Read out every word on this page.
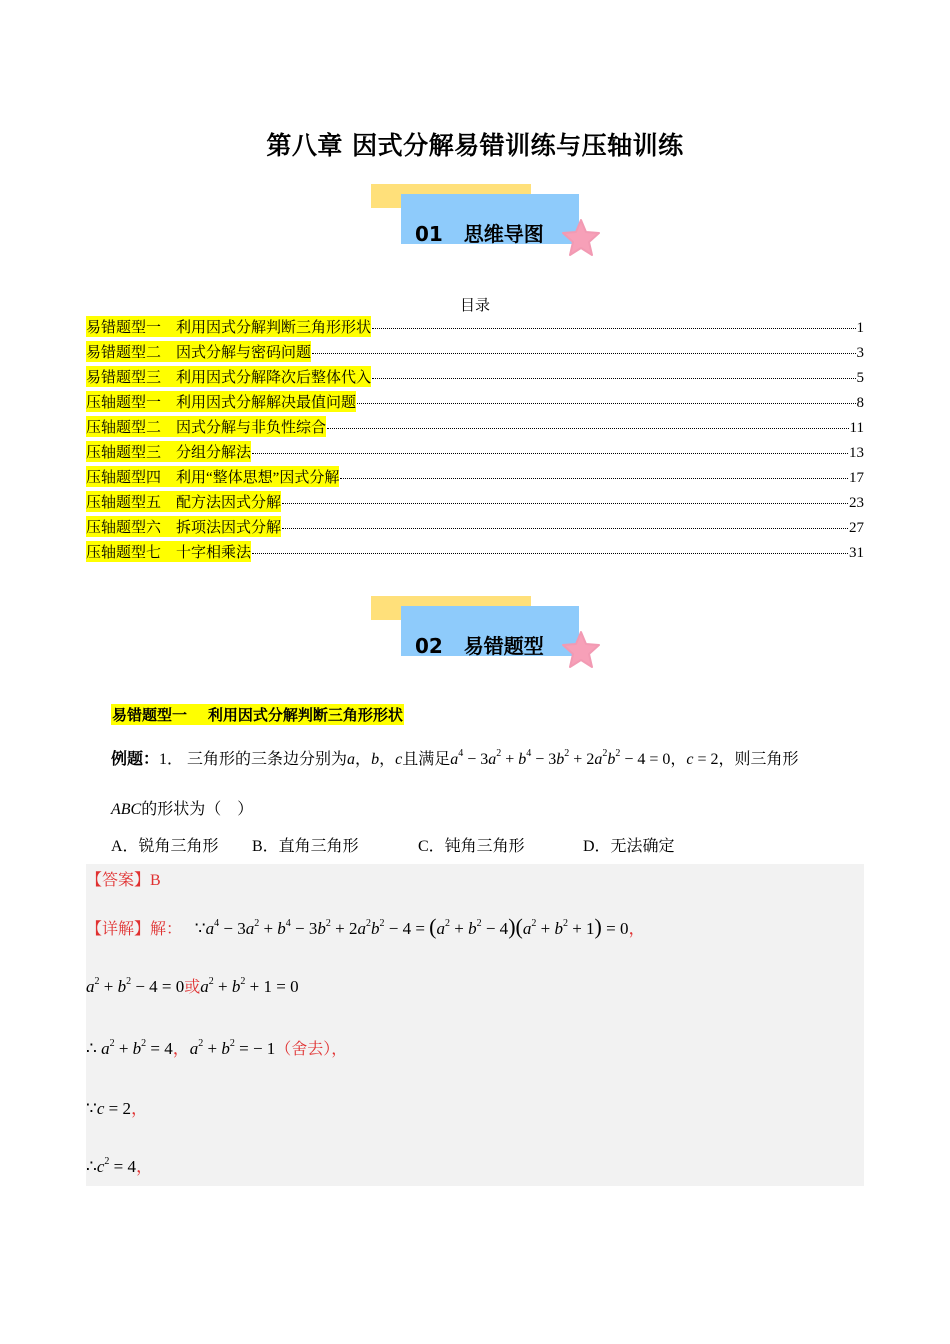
第八章 因式分解易错训练与压轴训练
01 思维导图
目录
易错题型一    利用因式分解判断三角形形状	1
易错题型二    因式分解与密码问题	3
易错题型三    利用因式分解降次后整体代入	5
压轴题型一    利用因式分解解决最值问题	8
压轴题型二    因式分解与非负性综合	11
压轴题型三    分组分解法	13
压轴题型四    利用“整体思想”因式分解	17
压轴题型五    配方法因式分解	23
压轴题型六    拆项法因式分解	27
压轴题型七    十字相乘法	31
02 易错题型
易错题型一    利用因式分解判断三角形形状
例题：1． 三角形的三条边分别为a，b，c且满足$a^4 - 3a^2 + b^4 - 3b^2 + 2a^2b^2 - 4 = 0$，c = 2，则三角形
ABC的形状为（　）
A．锐角三角形 B．直角三角形	C．钝角三角形	D．无法确定
【答案】B
【详解】解：   $\because a^4 - 3a^2 + b^4 - 3b^2 + 2a^2b^2 - 4 = (a^2 + b^2 - 4)(a^2 + b^2 + 1) = 0$，
$a^2 + b^2 - 4 = 0$或$a^2 + b^2 + 1 = 0$
∴ $a^2 + b^2 = 4$，$a^2 + b^2$ = − 1（舍去），
∵c = 2，
$\therefore c^2 = 4$，
